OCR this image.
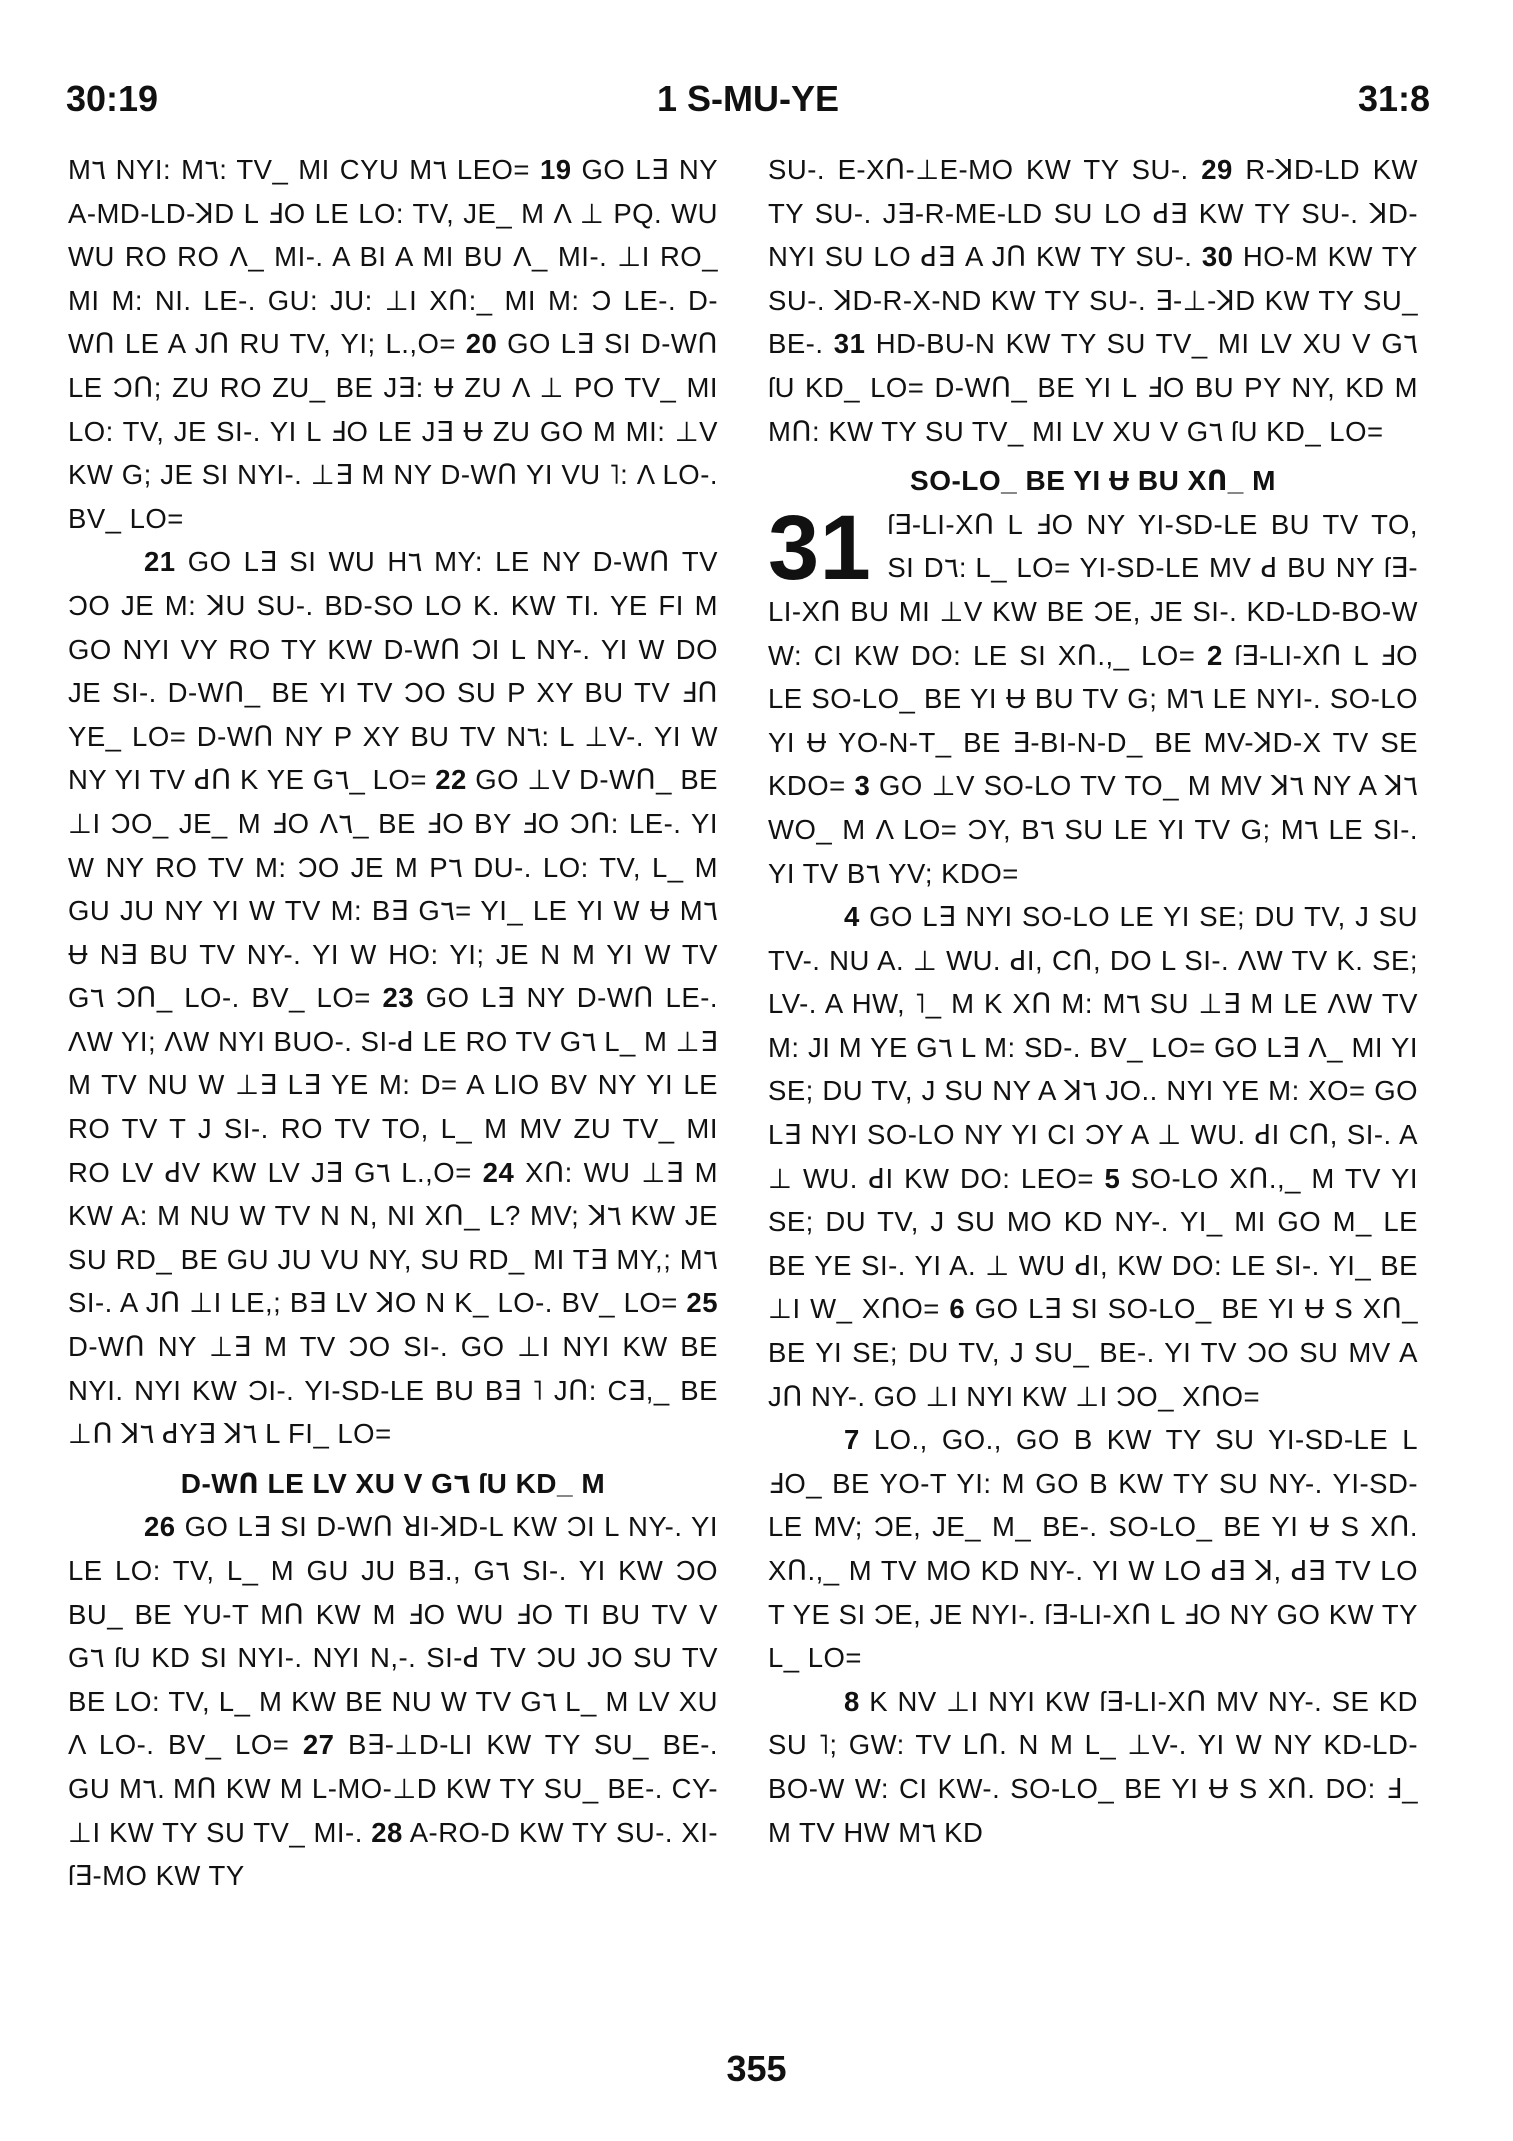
30:19	1 S-MU-YE	31:8

M٦ NYI: M٦: TV_ MI CYU M٦ LEO= 19 GO L∃ NY A-MD-LD-ꓘD L ꓞO LE LO: TV, JE_ M Λ ⊥ PQ. WU WU RO RO Λ_ MI-. A BI A MI BU Λ_ MI-. ⊥I RO_ MI M: NI. LE-. GU: JU: ⊥I XՈ:_ MI M: Ɔ LE-. D-WՈ LE A JՈ RU TV, YI; L.,O= 20 GO L∃ SI D-WՈ LE ƆՈ; ZU RO ZU_ BE J∃: Ʉ ZU Λ ⊥ PO TV_ MI LO: TV, JE SI-. YI L ꓞO LE J∃ Ʉ ZU GO M MI: ⊥V KW G; JE SI NYI-. ⊥∃ M NY D-WՈ YI VU ˥: Λ LO-. BV_ LO=

21 GO L∃ SI WU H٦ MY: LE NY D-WՈ TV ƆO JE M: ꓘU SU-. BD-SO LO K. KW TI. YE FI M GO NYI VY RO TY KW D-WՈ ƆI L NY-. YI W DO JE SI-. D-WՈ_ BE YI TV ƆO SU P XY BU TV ꓞՈ YE_ LO= D-WՈ NY P XY BU TV N٦: L ⊥V-. YI W NY YI TV ꓒՈ K YE G٦_ LO= 22 GO ⊥V D-WՈ_ BE ⊥I ƆO_ JE_ M ꓞO Λ٦_ BE ꓞO BY ꓞO ƆՈ: LE-. YI W NY RO TV M: ƆO JE M P٦ DU-. LO: TV, L_ M GU JU NY YI W TV M: B∃ G٦= YI_ LE YI W Ʉ M٦ Ʉ N∃ BU TV NY-. YI W HO: YI; JE N M YI W TV G٦ ƆՈ_ LO-. BV_ LO= 23 GO L∃ NY D-WՈ LE-. ΛW YI; ΛW NYI BUO-. SI-ꓒ LE RO TV G٦ L_ M ⊥∃ M TV NU W ⊥∃ L∃ YE M: D= A LIO BV NY YI LE RO TV T J SI-. RO TV TO, L_ M MV ZU TV_ MI RO LV ꓒV KW LV J∃ G٦ L.,O= 24 XՈ: WU ⊥∃ M KW A: M NU W TV N N, NI XՈ_ L? MV; ꓘ٦ KW JE SU RD_ BE GU JU VU NY, SU RD_ MI T∃ MY,; M٦ SI-. A JՈ ⊥I LE,; B∃ LV ꓘO N K_ LO-. BV_ LO= 25 D-WՈ NY ⊥∃ M TV ƆO SI-. GO ⊥I NYI KW BE NYI. NYI KW ƆI-. YI-SD-LE BU B∃ ˥ JՈ: C∃,_ BE ⊥Ո ꓘ٦ ꓒY∃ ꓘ٦ L FI_ LO=

D-WՈ LE LV XU V G٦ ſU KD_ M

26 GO L∃ SI D-WՈ ꓤI-ꓘD-L KW ƆI L NY-. YI LE LO: TV, L_ M GU JU B∃., G٦ SI-. YI KW ƆO BU_ BE YU-T MՈ KW M ꓞO WU ꓞO TI BU TV V G٦ ſU KD SI NYI-. NYI N,-. SI-ꓒ TV ƆU JO SU TV BE LO: TV, L_ M KW BE NU W TV G٦ L_ M LV XU Λ LO-. BV_ LO= 27 B∃-⊥D-LI KW TY SU_ BE-. GU M٦. MՈ KW M L-MO-⊥D KW TY SU_ BE-. CY-⊥I KW TY SU TV_ MI-. 28 A-RO-D KW TY SU-. XI-ſ∃-MO KW TY

SU-. E-XՈ-⊥E-MO KW TY SU-. 29 R-ꓘD-LD KW TY SU-. J∃-R-ME-LD SU LO ꓒ∃ KW TY SU-. ꓘD-NYI SU LO ꓒ∃ A JՈ KW TY SU-. 30 HO-M KW TY SU-. ꓘD-R-X-ND KW TY SU-. ∃-⊥-ꓘD KW TY SU_ BE-. 31 HD-BU-N KW TY SU TV_ MI LV XU V G٦ ſU KD_ LO= D-WՈ_ BE YI L ꓞO BU PY NY, KD M MՈ: KW TY SU TV_ MI LV XU V G٦ ſU KD_ LO=

SO-LO_ BE YI Ʉ BU XՈ_ M

31 ſ∃-LI-XՈ L ꓞO NY YI-SD-LE BU TV TO, SI D٦: L_ LO= YI-SD-LE MV ꓒ BU NY ſ∃-LI-XՈ BU MI ⊥V KW BE ƆE, JE SI-. KD-LD-BO-W W: CI KW DO: LE SI XՈ.,_ LO= 2 ſ∃-LI-XՈ L ꓞO LE SO-LO_ BE YI Ʉ BU TV G; M٦ LE NYI-. SO-LO YI Ʉ YO-N-T_ BE ∃-BI-N-D_ BE MV-ꓘD-X TV SE KDO= 3 GO ⊥V SO-LO TV TO_ M MV ꓘ٦ NY A ꓘ٦ WO_ M Λ LO= ƆY, B٦ SU LE YI TV G; M٦ LE SI-. YI TV B٦ YV; KDO=

4 GO L∃ NYI SO-LO LE YI SE; DU TV, J SU TV-. NU A. ⊥ WU. ꓒI, CՈ, DO L SI-. ΛW TV K. SE; LV-. A HW, ˥_ M K XՈ M: M٦ SU ⊥∃ M LE ΛW TV M: JI M YE G٦ L M: SD-. BV_ LO= GO L∃ Λ_ MI YI SE; DU TV, J SU NY A ꓘ٦ JO.. NYI YE M: XO= GO L∃ NYI SO-LO NY YI CI ƆY A ⊥ WU. ꓒI CՈ, SI-. A ⊥ WU. ꓒI KW DO: LEO= 5 SO-LO XՈ.,_ M TV YI SE; DU TV, J SU MO KD NY-. YI_ MI GO M_ LE BE YE SI-. YI A. ⊥ WU ꓒI, KW DO: LE SI-. YI_ BE ⊥I W_ XՈO= 6 GO L∃ SI SO-LO_ BE YI Ʉ S XՈ_ BE YI SE; DU TV, J SU_ BE-. YI TV ƆO SU MV A JՈ NY-. GO ⊥I NYI KW ⊥I ƆO_ XՈO=

7 LO., GO., GO B KW TY SU YI-SD-LE L ꓞO_ BE YO-T YI: M GO B KW TY SU NY-. YI-SD-LE MV; ƆE, JE_ M_ BE-. SO-LO_ BE YI Ʉ S XՈ. XՈ.,_ M TV MO KD NY-. YI W LO ꓒ∃ ꓘ, ꓒ∃ TV LO T YE SI ƆE, JE NYI-. ſ∃-LI-XՈ L ꓞO NY GO KW TY L_ LO=

8 K NV ⊥I NYI KW ſ∃-LI-XՈ MV NY-. SE KD SU ˥; GW: TV LՈ. N M L_ ⊥V-. YI W NY KD-LD-BO-W W: CI KW-. SO-LO_ BE YI Ʉ S XՈ. DO: ꓞ_ M TV HW M٦ KD

355
